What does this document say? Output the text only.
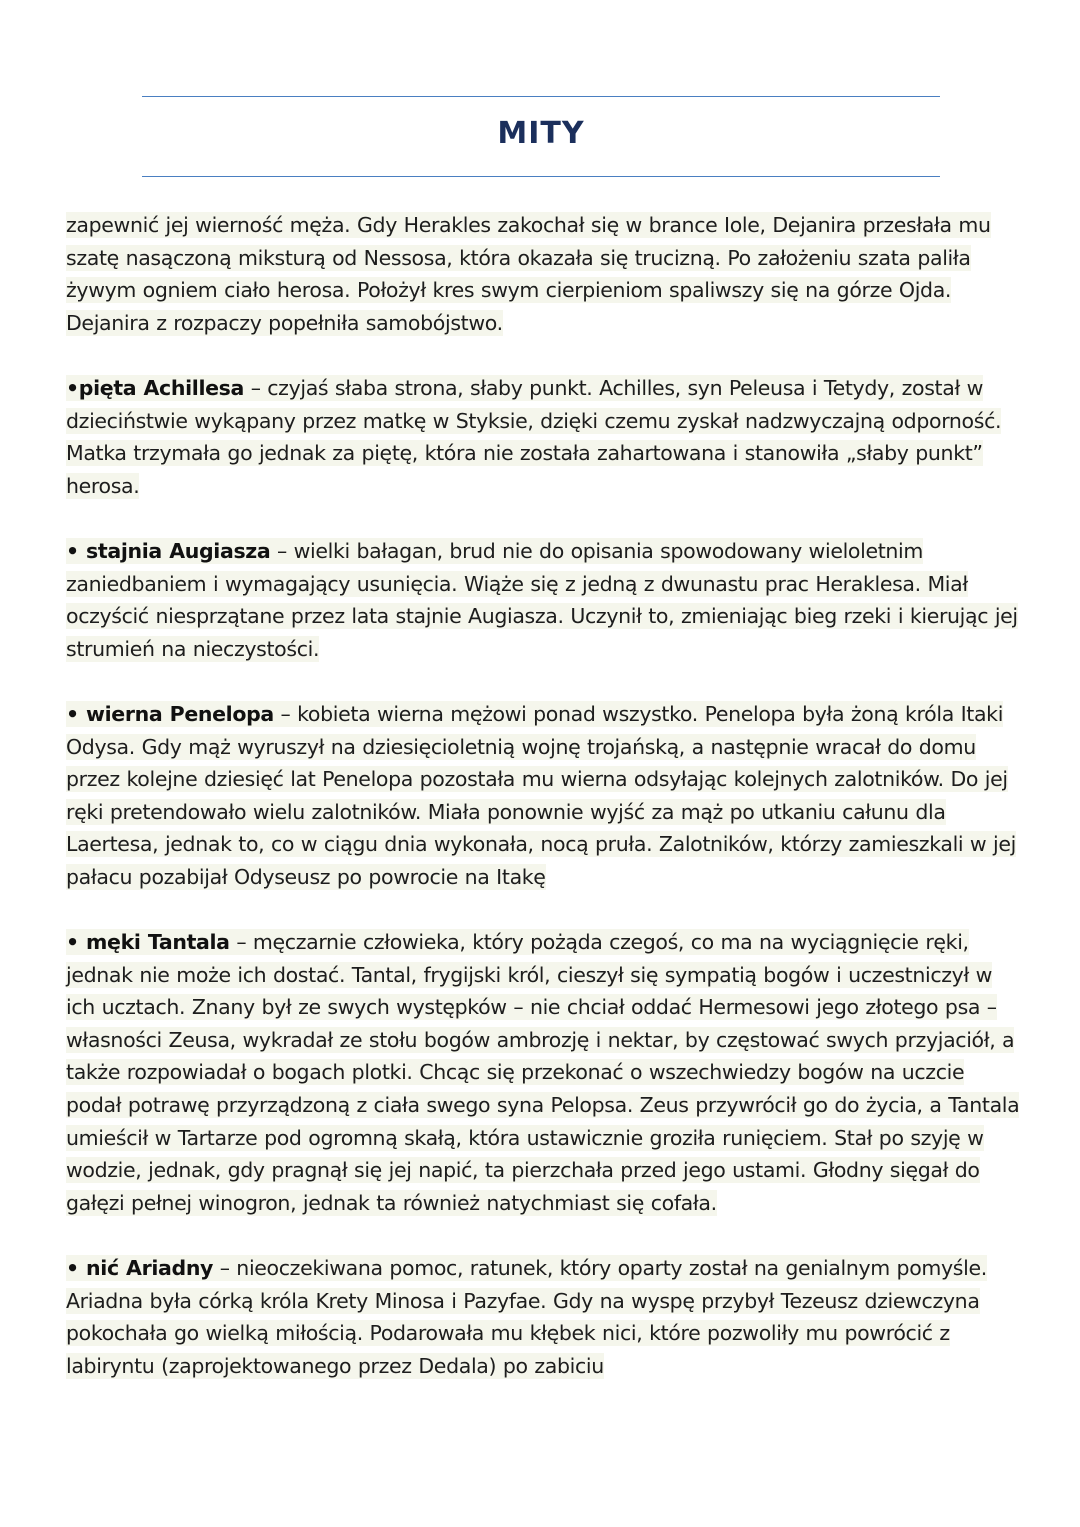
MITY

zapewnić jej wierność męża. Gdy Herakles zakochał się w brance Iole, Dejanira przesłała mu szatę nasączoną miksturą od Nessosa, która okazała się trucizną. Po założeniu szata paliła żywym ogniem ciało herosa. Położył kres swym cierpieniom spaliwszy się na górze Ojda. Dejanira z rozpaczy popełniła samobójstwo.

•pięta Achillesa – czyjaś słaba strona, słaby punkt. Achilles, syn Peleusa i Tetydy, został w dzieciństwie wykąpany przez matkę w Styksie, dzięki czemu zyskał nadzwyczajną odporność. Matka trzymała go jednak za piętę, która nie została zahartowana i stanowiła „słaby punkt” herosa.

• stajnia Augiasza – wielki bałagan, brud nie do opisania spowodowany wieloletnim zaniedbaniem i wymagający usunięcia. Wiąże się z jedną z dwunastu prac Heraklesa. Miał oczyścić niesprzątane przez lata stajnie Augiasza. Uczynił to, zmieniając bieg rzeki i kierując jej strumień na nieczystości.

• wierna Penelopa – kobieta wierna mężowi ponad wszystko. Penelopa była żoną króla Itaki Odysa. Gdy mąż wyruszył na dziesięcioletnią wojnę trojańską, a następnie wracał do domu przez kolejne dziesięć lat Penelopa pozostała mu wierna odsyłając kolejnych zalotników. Do jej ręki pretendowało wielu zalotników. Miała ponownie wyjść za mąż po utkaniu całunu dla Laertesa, jednak to, co w ciągu dnia wykonała, nocą pruła. Zalotników, którzy zamieszkali w jej pałacu pozabijał Odyseusz po powrocie na Itakę

• męki Tantala – męczarnie człowieka, który pożąda czegoś, co ma na wyciągnięcie ręki, jednak nie może ich dostać. Tantal, frygijski król, cieszył się sympatią bogów i uczestniczył w ich ucztach. Znany był ze swych występków – nie chciał oddać Hermesowi jego złotego psa – własności Zeusa, wykradał ze stołu bogów ambrozję i nektar, by częstować swych przyjaciół, a także rozpowiadał o bogach plotki. Chcąc się przekonać o wszechwiedzy bogów na uczcie podał potrawę przyrządzoną z ciała swego syna Pelopsa. Zeus przywrócił go do życia, a Tantala umieścił w Tartarze pod ogromną skałą, która ustawicznie groziła runięciem. Stał po szyję w wodzie, jednak, gdy pragnął się jej napić, ta pierzchała przed jego ustami. Głodny sięgał do gałęzi pełnej winogron, jednak ta również natychmiast się cofała.

• nić Ariadny – nieoczekiwana pomoc, ratunek, który oparty został na genialnym pomyśle. Ariadna była córką króla Krety Minosa i Pazyfae. Gdy na wyspę przybył Tezeusz dziewczyna pokochała go wielką miłością. Podarowała mu kłębek nici, które pozwoliły mu powrócić z labiryntu (zaprojektowanego przez Dedala) po zabiciu
